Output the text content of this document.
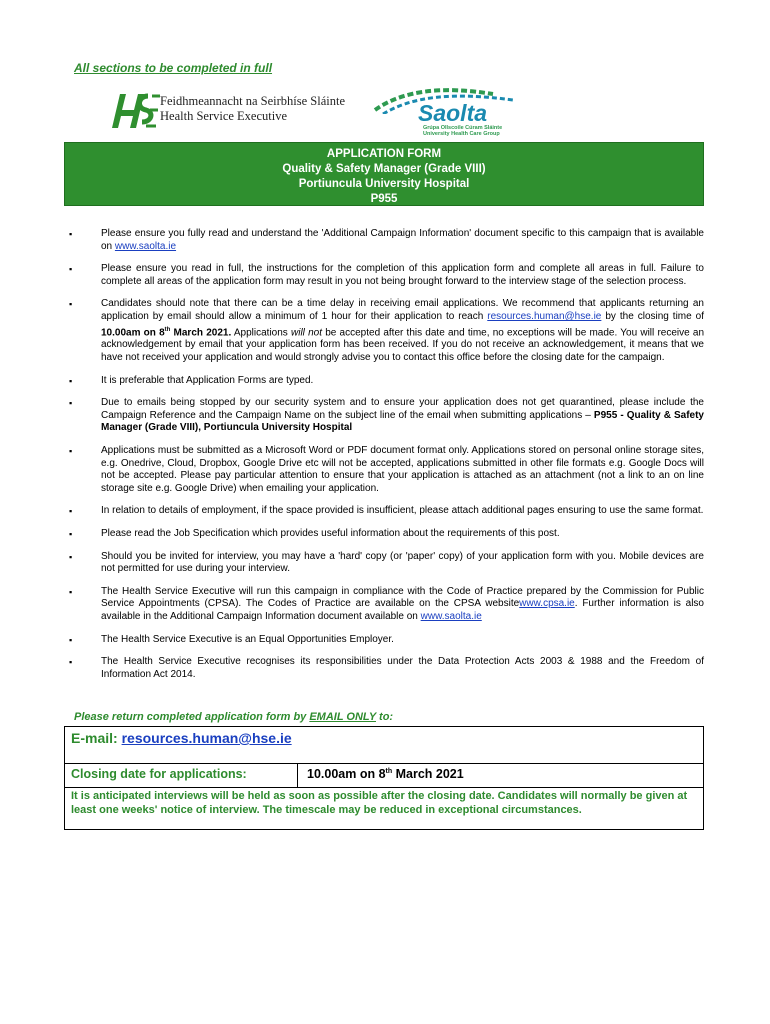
All sections to be completed in full
Feidhmeannacht na Seirbhíse Sláinte
Health Service Executive	Saolta
Grúpa Ollscoile Cúram Sláinte
University Health Care Group
APPLICATION FORM
Quality & Safety Manager (Grade VIII)
Portiuncula University Hospital
P955
▪	Please ensure you fully read and understand the 'Additional Campaign Information' document specific to this campaign that is available on www.saolta.ie
▪	Please ensure you read in full, the instructions for the completion of this application form and complete all areas in full. Failure to complete all areas of the application form may result in you not being brought forward to the interview stage of the selection process.
▪	Candidates should note that there can be a time delay in receiving email applications. We recommend that applicants returning an application by email should allow a minimum of 1 hour for their application to reach resources.human@hse.ie by the closing time of 10.00am on 8th March 2021. Applications will not be accepted after this date and time, no exceptions will be made. You will receive an acknowledgement by email that your application form has been received. If you do not receive an acknowledgement, it means that we have not received your application and would strongly advise you to contact this office before the closing date for the campaign.
▪	It is preferable that Application Forms are typed.
▪	Due to emails being stopped by our security system and to ensure your application does not get quarantined, please include the Campaign Reference and the Campaign Name on the subject line of the email when submitting applications – P955 - Quality & Safety Manager (Grade VIII), Portiuncula University Hospital
▪	Applications must be submitted as a Microsoft Word or PDF document format only. Applications stored on personal online storage sites, e.g. Onedrive, Cloud, Dropbox, Google Drive etc will not be accepted, applications submitted in other file formats e.g. Google Docs will not be accepted. Please pay particular attention to ensure that your application is attached as an attachment (not a link to an on line storage site e.g. Google Drive) when emailing your application.
▪	In relation to details of employment, if the space provided is insufficient, please attach additional pages ensuring to use the same format.
▪	Please read the Job Specification which provides useful information about the requirements of this post.
▪	Should you be invited for interview, you may have a 'hard' copy (or 'paper' copy) of your application form with you. Mobile devices are not permitted for use during your interview.
▪	The Health Service Executive will run this campaign in compliance with the Code of Practice prepared by the Commission for Public Service Appointments (CPSA). The Codes of Practice are available on the CPSA websitewww.cpsa.ie. Further information is also available in the Additional Campaign Information document available on www.saolta.ie
▪	The Health Service Executive is an Equal Opportunities Employer.
▪	The Health Service Executive recognises its responsibilities under the Data Protection Acts 2003 & 1988 and the Freedom of Information Act 2014.
Please return completed application form by EMAIL ONLY to:
E-mail: resources.human@hse.ie
Closing date for applications:	10.00am on 8th March 2021
It is anticipated interviews will be held as soon as possible after the closing date. Candidates will normally be given at least one weeks' notice of interview. The timescale may be reduced in exceptional circumstances.
